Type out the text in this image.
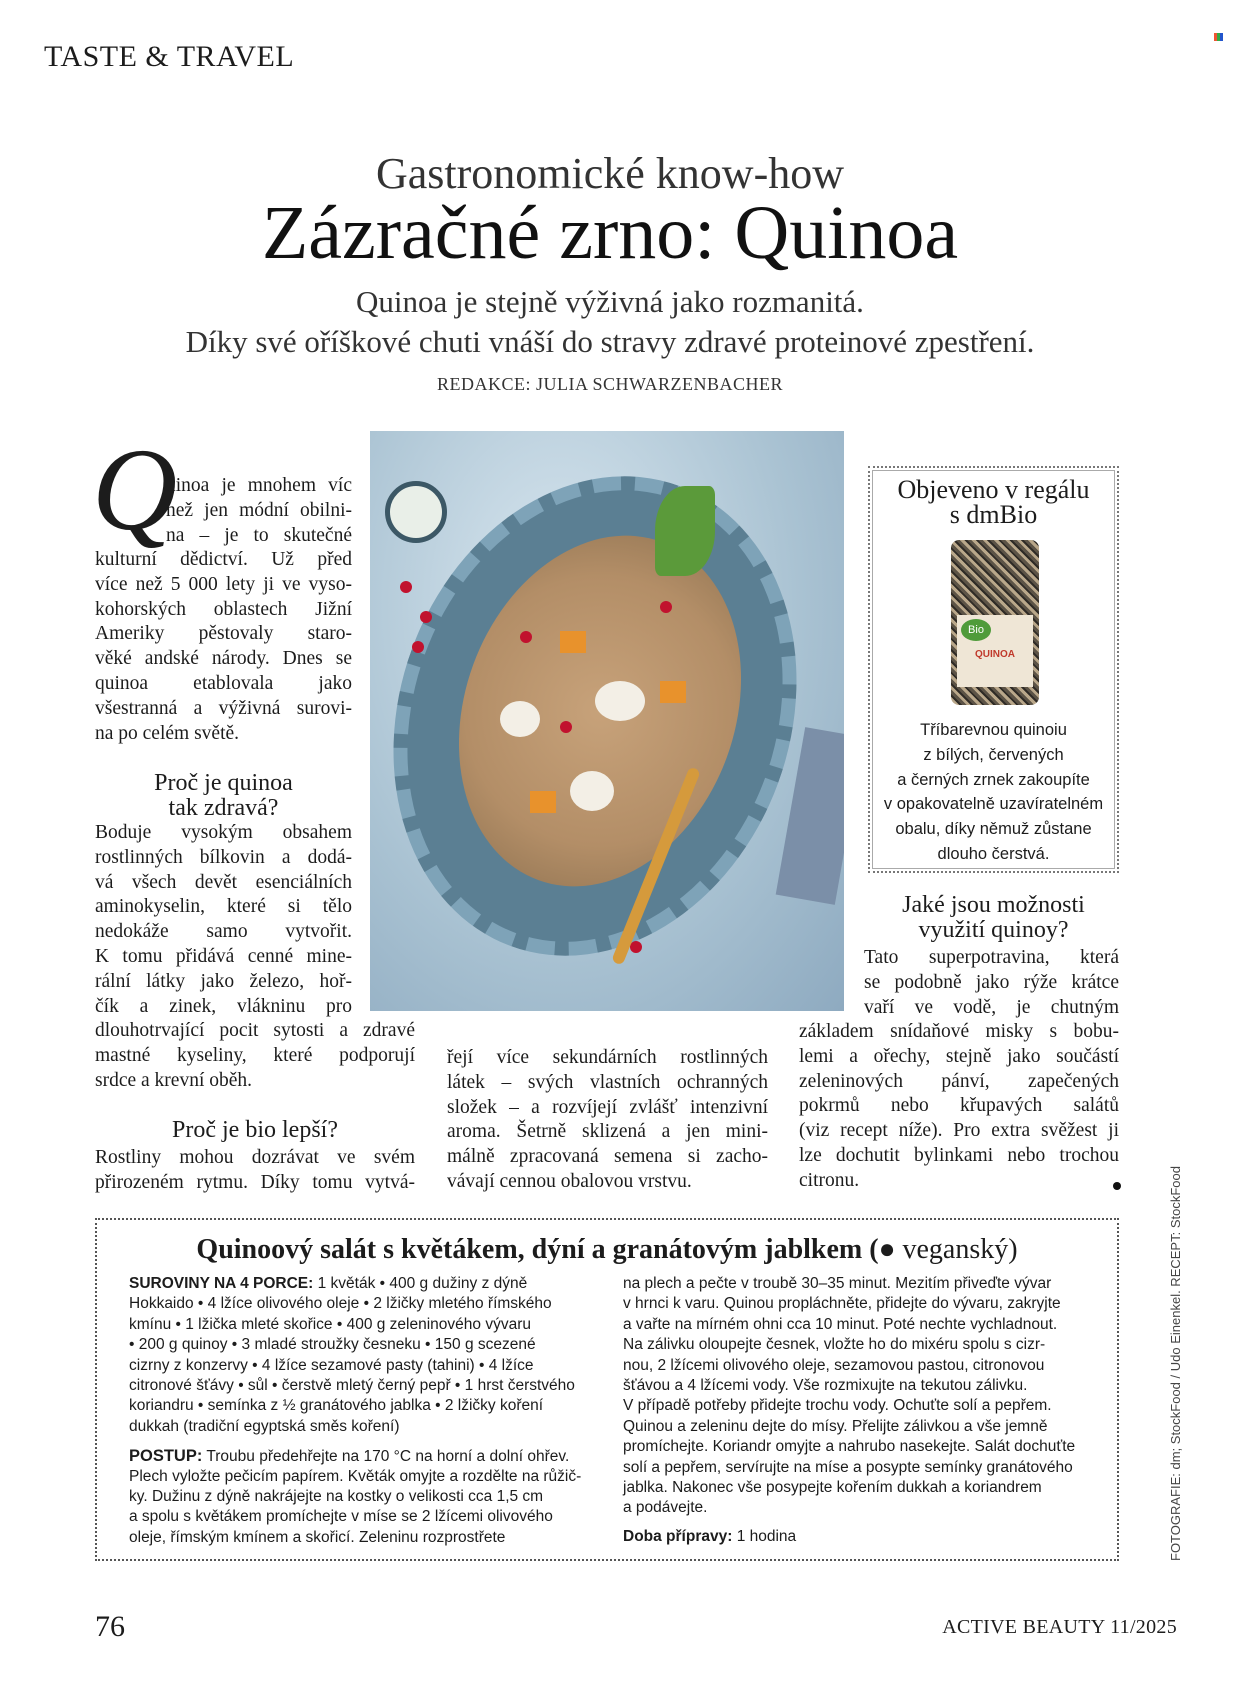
TASTE & TRAVEL
Gastronomické know-how
Zázračné zrno: Quinoa
Quinoa je stejně výživná jako rozmanitá.
Díky své oříškové chuti vnáší do stravy zdravé proteinové zpestření.
REDAKCE: JULIA SCHWARZENBACHER
Q
uinoa je mnohem víc
než jen módní obilni-
na – je to skutečné
kulturní dědictví. Už před
více než 5 000 lety ji ve vyso-
kohorských oblastech Jižní
Ameriky pěstovaly staro-
věké andské národy. Dnes se
quinoa etablovala jako
všestranná a výživná surovi-
na po celém světě.
Proč je quinoa
tak zdravá?
Boduje vysokým obsahem
rostlinných bílkovin a dodá-
vá všech devět esenciálních
aminokyselin, které si tělo
nedokáže samo vytvořit.
K tomu přidává cenné mine-
rální látky jako železo, hoř-
čík a zinek, vlákninu pro
dlouhotrvající pocit sytosti a zdravé
mastné kyseliny, které podporují
srdce a krevní oběh.
Proč je bio lepší?
Rostliny mohou dozrávat ve svém
přirozeném rytmu. Díky tomu vytvá-
řejí více sekundárních rostlinných
látek – svých vlastních ochranných
složek – a rozvíjejí zvlášť intenzivní
aroma. Šetrně sklizená a jen mini-
málně zpracovaná semena si zacho-
vávají cennou obalovou vrstvu.
Objeveno v regálu
s dmBio
Bio
QUINOA
Tříbarevnou quinoiu
z bílých, červených
a černých zrnek zakoupíte
v opakovatelně uzavíratelném
obalu, díky němuž zůstane
dlouho čerstvá.
Jaké jsou možnosti
využití quinoy?
Tato superpotravina, která
se podobně jako rýže krátce
vaří ve vodě, je chutným
základem snídaňové misky s bobu-
lemi a ořechy, stejně jako součástí
zeleninových pánví, zapečených
pokrmů nebo křupavých salátů
(viz recept níže). Pro extra svěžest ji
lze dochutit bylinkami nebo trochou
citronu.
Quinoový salát s květákem, dýní a granátovým jablkem (● veganský)
SUROVINY NA 4 PORCE: 1 květák • 400 g dužiny z dýně
Hokkaido • 4 lžíce olivového oleje • 2 lžičky mletého římského
kmínu • 1 lžička mleté skořice • 400 g zeleninového vývaru
• 200 g quinoy • 3 mladé stroužky česneku • 150 g scezené
cizrny z konzervy • 4 lžíce sezamové pasty (tahini) • 4 lžíce
citronové šťávy • sůl • čerstvě mletý černý pepř • 1 hrst čerstvého
koriandru • semínka z ½ granátového jablka • 2 lžičky koření
dukkah (tradiční egyptská směs koření)
POSTUP: Troubu předehřejte na 170 °C na horní a dolní ohřev.
Plech vyložte pečicím papírem. Květák omyjte a rozdělte na růžič-
ky. Dužinu z dýně nakrájejte na kostky o velikosti cca 1,5 cm
a spolu s květákem promíchejte v míse se 2 lžícemi olivového
oleje, římským kmínem a skořicí. Zeleninu rozprostřete
na plech a pečte v troubě 30–35 minut. Mezitím přiveďte vývar
v hrnci k varu. Quinou propláchněte, přidejte do vývaru, zakryjte
a vařte na mírném ohni cca 10 minut. Poté nechte vychladnout.
Na zálivku oloupejte česnek, vložte ho do mixéru spolu s cizr-
nou, 2 lžícemi olivového oleje, sezamovou pastou, citronovou
šťávou a 4 lžícemi vody. Vše rozmixujte na tekutou zálivku.
V případě potřeby přidejte trochu vody. Ochuťte solí a pepřem.
Quinou a zeleninu dejte do mísy. Přelijte zálivkou a vše jemně
promíchejte. Koriandr omyjte a nahrubo nasekejte. Salát dochuťte
solí a pepřem, servírujte na míse a posypte semínky granátového
jablka. Nakonec vše posypejte kořením dukkah a koriandrem
a podávejte.
Doba přípravy: 1 hodina
76	ACTIVE BEAUTY 11/2025
FOTOGRAFIE: dm; StockFood / Udo Einenkel. RECEPT: StockFood
